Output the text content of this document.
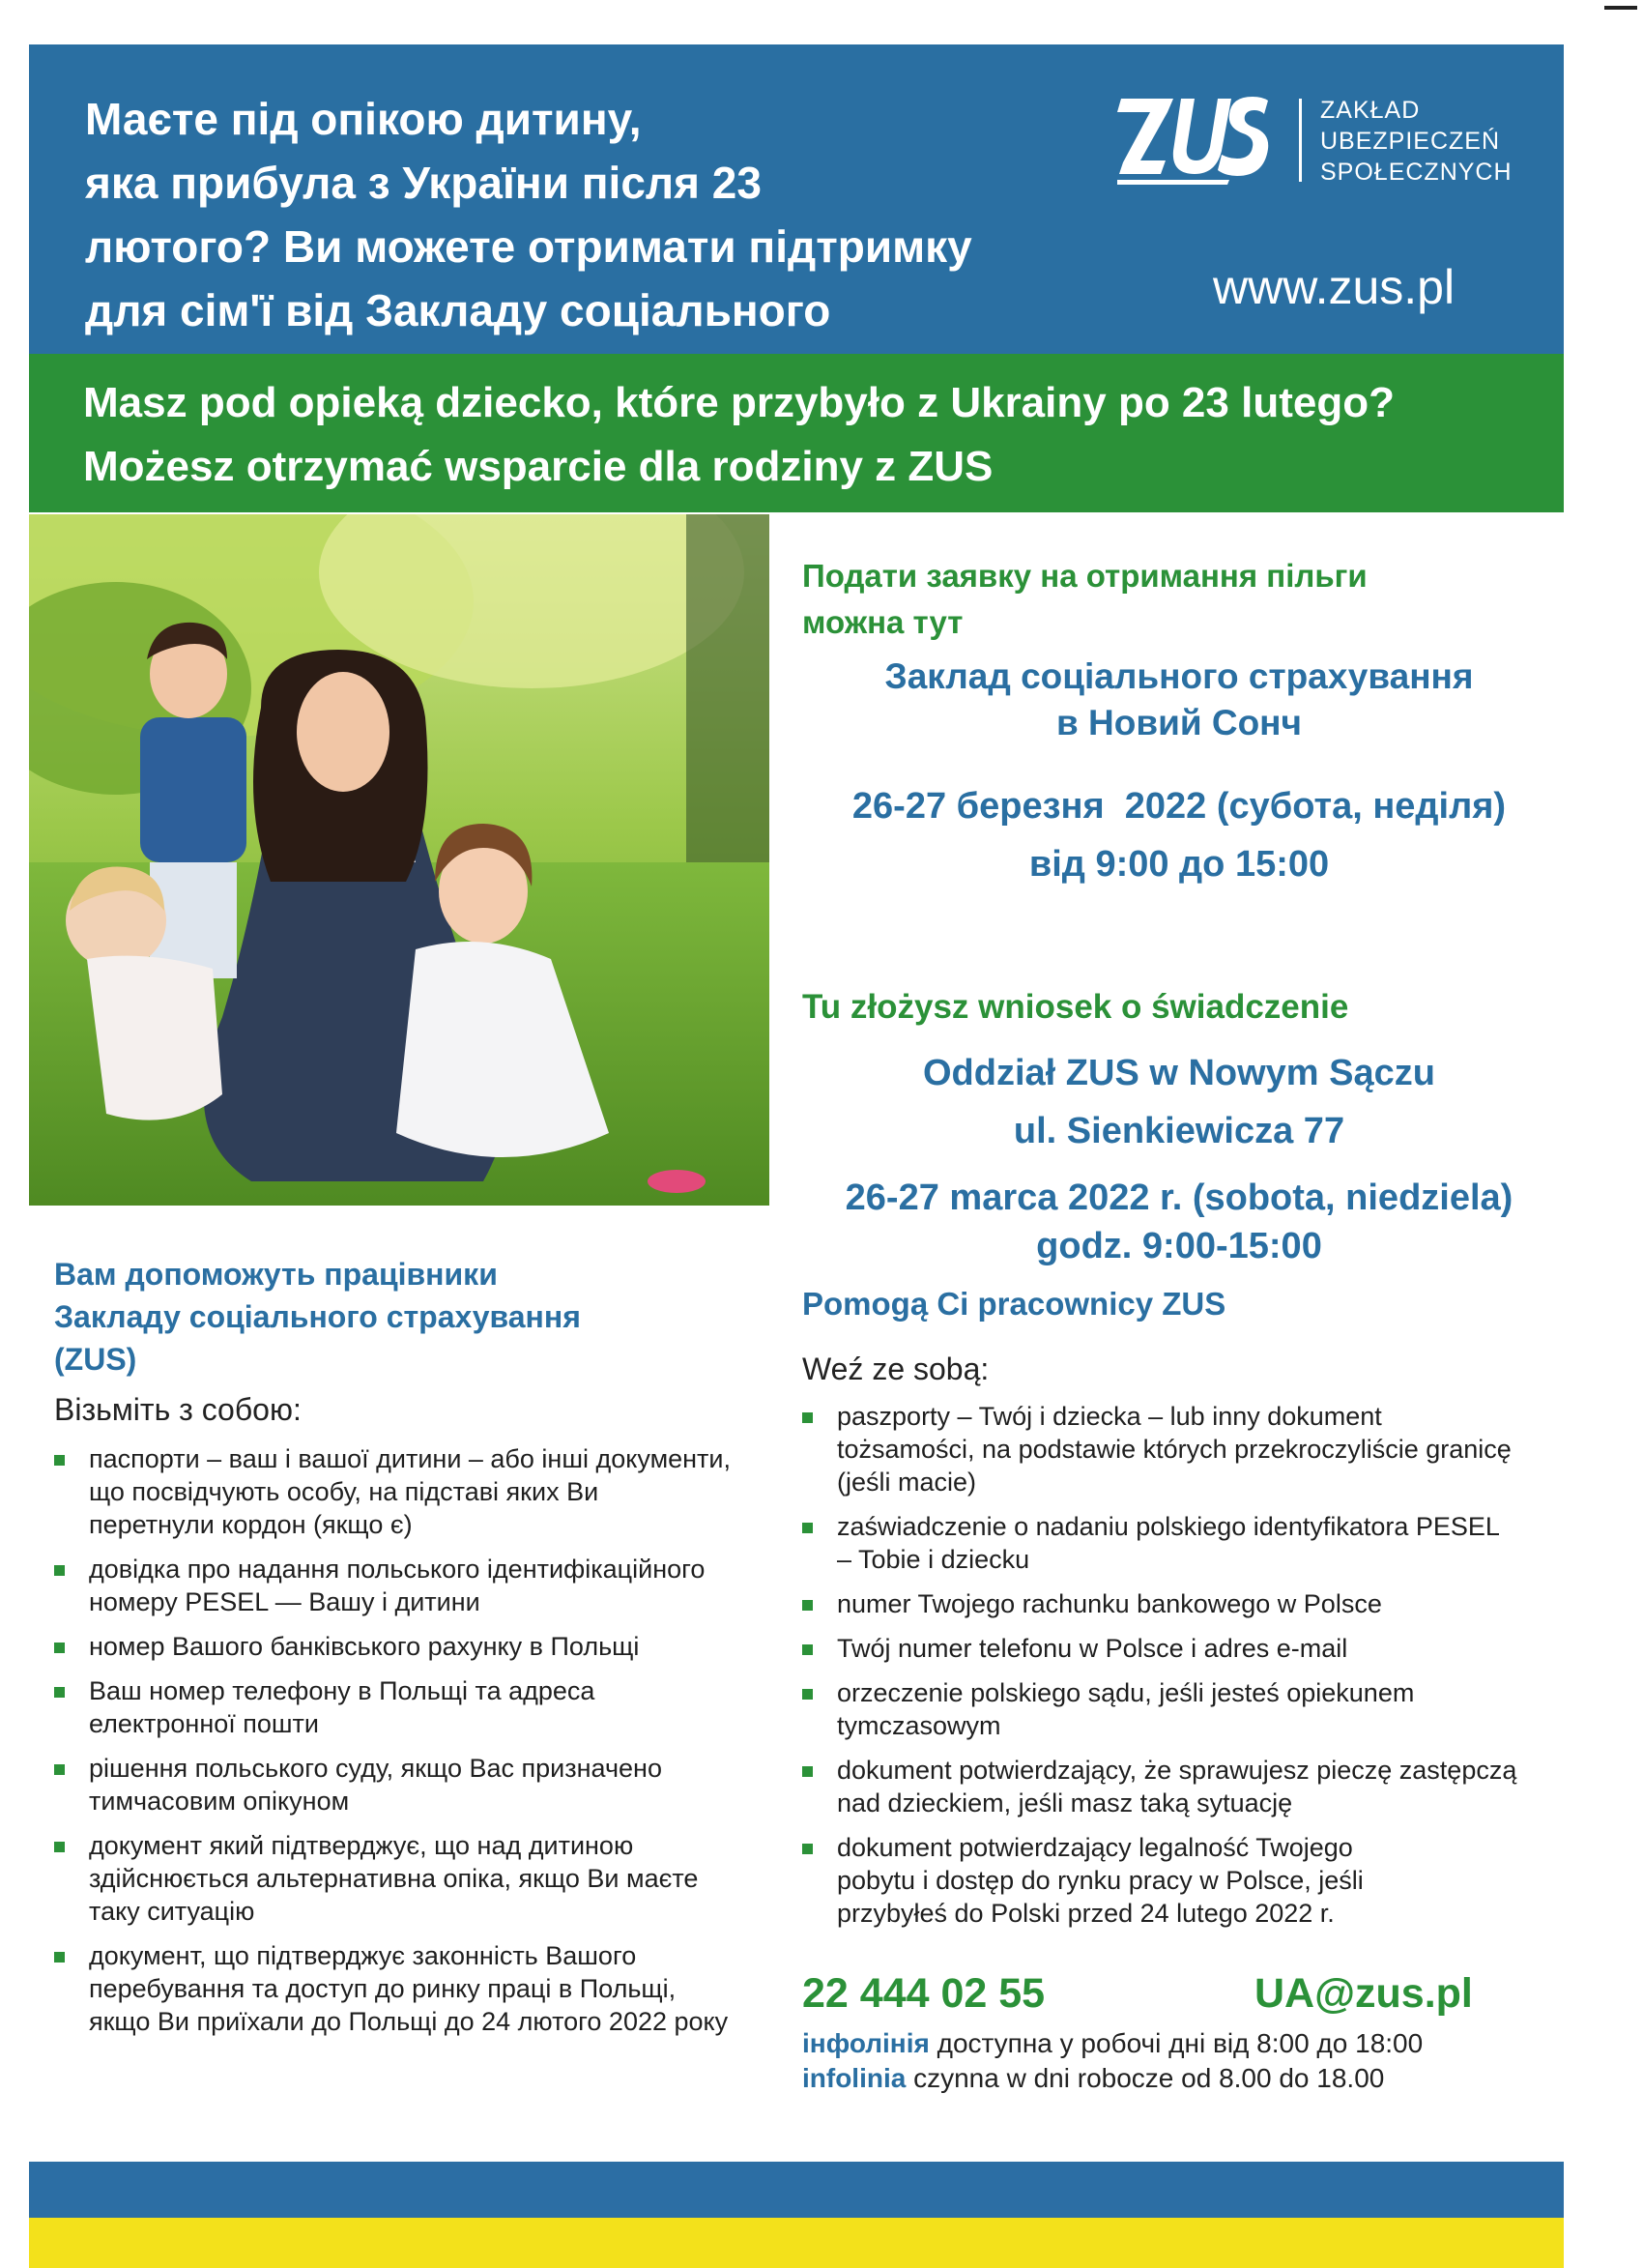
Маєте під опікою дитину,
яка прибула з України після 23
лютого? Ви можете отримати підтримку
для сім'ї від Закладу соціального
ZAKŁAD
UBEZPIECZEŃ
SPOŁECZNYCH
www.zus.pl
Masz pod opieką dziecko, które przybyło z Ukrainy po 23 lutego?
Możesz otrzymać wsparcie dla rodziny z ZUS
Подати заявку на отримання пільги
можна тут
Заклад соціального страхування
в Новий Сонч
26-27 березня  2022 (субота, неділя)
від 9:00 до 15:00
Tu złożysz wniosek o świadczenie
Oddział ZUS w Nowym Sączu
ul. Sienkiewicza 77
26-27 marca 2022 r. (sobota, niedziela)
godz. 9:00-15:00
Pomogą Ci pracownicy ZUS
Weź ze sobą:
paszporty – Twój i dziecka – lub inny dokument tożsamości, na podstawie których przekroczyliście granicę (jeśli macie)
zaświadczenie o nadaniu polskiego identyfikatora PESEL – Tobie i dziecku
numer Twojego rachunku bankowego w Polsce
Twój numer telefonu w Polsce i adres e-mail
orzeczenie polskiego sądu, jeśli jesteś opiekunem tymczasowym
dokument potwierdzający, że sprawujesz pieczę zastępczą nad dzieckiem, jeśli masz taką sytuację
dokument potwierdzający legalność Twojego pobytu i dostęp do rynku pracy w Polsce, jeśli przybyłeś do Polski przed 24 lutego 2022 r.
Вам допоможуть працівники
Закладу соціального страхування
(ZUS)
Візьміть з собою:
паспорти – ваш і вашої дитини – або інші документи, що посвідчують особу, на підставі яких Ви перетнули кордон (якщо є)
довідка про надання польського ідентифікаційного номеру PESEL — Вашу і дитини
номер Вашого банківського рахунку в Польщі
Ваш номер телефону в Польщі та адреса електронної пошти
рішення польського суду, якщо Вас призначено тимчасовим опікуном
документ який підтверджує, що над дитиною здійснюється альтернативна опіка, якщо Ви маєте таку ситуацію
документ, що підтверджує законність Вашого перебування та доступ до ринку праці в Польщі, якщо Ви приїхали до Польщі до 24 лютого 2022 року
22 444 02 55	UA@zus.pl
інфолінія доступна у робочі дні від 8:00 до 18:00
infolinia czynna w dni robocze od 8.00 do 18.00
